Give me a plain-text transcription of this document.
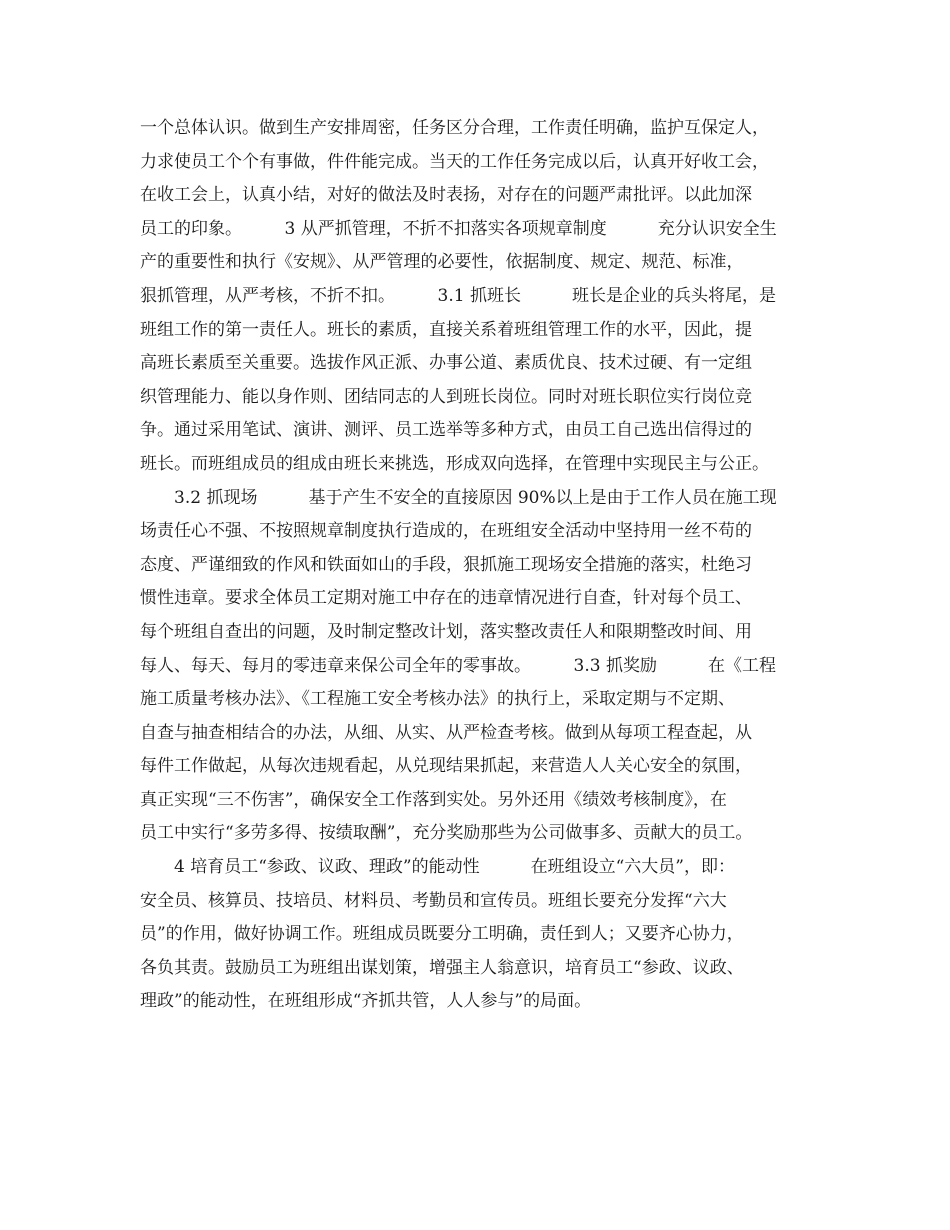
一个总体认识。做到生产安排周密，任务区分合理，工作责任明确，监护互保定人，
力求使员工个个有事做，件件能完成。当天的工作任务完成以后，认真开好收工会，
在收工会上，认真小结，对好的做法及时表扬，对存在的问题严肃批评。以此加深
员工的印象。　　　3 从严抓管理，不折不扣落实各项规章制度　　　充分认识安全生
产的重要性和执行《安规》、从严管理的必要性，依据制度、规定、规范、标准，
狠抓管理，从严考核，不折不扣。　　　3.1 抓班长　　　班长是企业的兵头将尾，是
班组工作的第一责任人。班长的素质，直接关系着班组管理工作的水平，因此，提
高班长素质至关重要。选拔作风正派、办事公道、素质优良、技术过硬、有一定组
织管理能力、能以身作则、团结同志的人到班长岗位。同时对班长职位实行岗位竞
争。通过采用笔试、演讲、测评、员工选举等多种方式，由员工自己选出信得过的
班长。而班组成员的组成由班长来挑选，形成双向选择，在管理中实现民主与公正。
　　3.2 抓现场　　　基于产生不安全的直接原因 90%以上是由于工作人员在施工现
场责任心不强、不按照规章制度执行造成的，在班组安全活动中坚持用一丝不苟的
态度、严谨细致的作风和铁面如山的手段，狠抓施工现场安全措施的落实，杜绝习
惯性违章。要求全体员工定期对施工中存在的违章情况进行自查，针对每个员工、
每个班组自查出的问题，及时制定整改计划，落实整改责任人和限期整改时间、用
每人、每天、每月的零违章来保公司全年的零事故。　　　3.3 抓奖励　　　在《工程
施工质量考核办法》、《工程施工安全考核办法》的执行上，采取定期与不定期、
自查与抽查相结合的办法，从细、从实、从严检查考核。做到从每项工程查起，从
每件工作做起，从每次违规看起，从兑现结果抓起，来营造人人关心安全的氛围，
真正实现“三不伤害”，确保安全工作落到实处。另外还用《绩效考核制度》，在
员工中实行“多劳多得、按绩取酬”，充分奖励那些为公司做事多、贡献大的员工。
　　4 培育员工“参政、议政、理政”的能动性　　　在班组设立“六大员”，即：
安全员、核算员、技培员、材料员、考勤员和宣传员。班组长要充分发挥“六大
员”的作用，做好协调工作。班组成员既要分工明确，责任到人；又要齐心协力，
各负其责。鼓励员工为班组出谋划策，增强主人翁意识，培育员工“参政、议政、
理政”的能动性，在班组形成“齐抓共管，人人参与”的局面。
